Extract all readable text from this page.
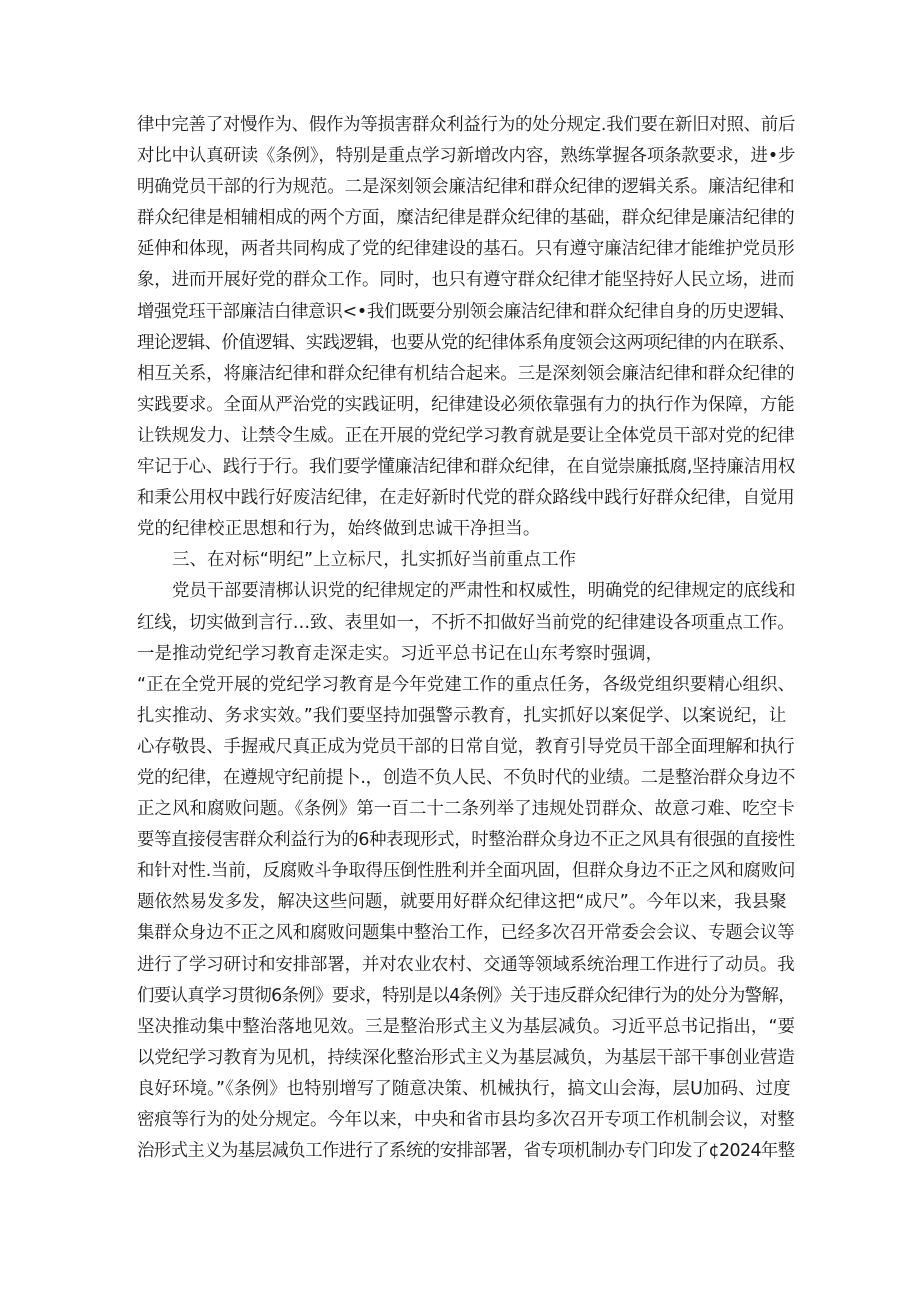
律中完善了对慢作为、假作为等损害群众利益行为的处分规定.我们要在新旧对照、前后
对比中认真研读《条例》，特别是重点学习新增改内容，熟练掌握各项条款要求，进•步
明确党员干部的行为规范。二是深刻领会廉洁纪律和群众纪律的逻辑关系。廉洁纪律和
群众纪律是相辅相成的两个方面，糜洁纪律是群众纪律的基础，群众纪律是廉洁纪律的
延伸和体现，两者共同构成了党的纪律建设的基石。只有遵守廉洁纪律才能维护党员形
象，进而开展好党的群众工作。同时，也只有遵守群众纪律才能坚持好人民立场，进而
增强党珏干部廉洁白律意识<•我们既要分别领会廉洁纪律和群众纪律自身的历史逻辑、
理论逻辑、价值逻辑、实践逻辑，也要从党的纪律体系角度领会这两项纪律的内在联系、
相互关系，将廉洁纪律和群众纪律有机结合起来。三是深刻领会廉洁纪律和群众纪律的
实践要求。全面从严治党的实践证明，纪律建设必须依靠强有力的执行作为保障，方能
让铁规发力、让禁令生威。正在开展的党纪学习教育就是要让全体党员干部对党的纪律
牢记于心、践行于行。我们要学懂廉洁纪律和群众纪律，在自觉崇廉抵腐,坚持廉洁用权
和秉公用权中践行好废洁纪律，在走好新时代党的群众路线中践行好群众纪律，自觉用
党的纪律校正思想和行为，始终做到忠诚干净担当。
三、在对标“明纪”上立标尺，扎实抓好当前重点工作
党员干部要清梆认识党的纪律规定的严肃性和权威性，明确党的纪律规定的底线和
红线，切实做到言行…致、表里如一，不折不扣做好当前党的纪律建设各项重点工作。
一是推动党纪学习教育走深走实。习近平总书记在山东考察时强调，
“正在全党开展的党纪学习教育是今年党建工作的重点任务，各级党组织要精心组织、
扎实推动、务求实效。”我们要坚持加强警示教育，扎实抓好以案促学、以案说纪，让
心存敬畏、手握戒尺真正成为党员干部的日常自觉，教育引导党员干部全面理解和执行
党的纪律，在遵规守纪前提卜.，创造不负人民、不负时代的业绩。二是整治群众身边不
正之风和腐败问题。《条例》第一百二十二条列举了违规处罚群众、故意刁难、吃空卡
要等直接侵害群众利益行为的6种表现形式，时整治群众身边不正之风具有很强的直接性
和针对性.当前，反腐败斗争取得压倒性胜利并全面巩固，但群众身边不正之风和腐败问
题依然易发多发，解决这些问题，就要用好群众纪律这把“成尺”。今年以来，我县聚
集群众身边不正之风和腐败问题集中整治工作，已经多次召开常委会会议、专题会议等
进行了学习研讨和安排部署，并对农业农村、交通等领域系统治理工作进行了动员。我
们要认真学习贯彻6条例》要求，特别是以4条例》关于违反群众纪律行为的处分为警解，
坚决推动集中整治落地见效。三是整治形式主义为基层减负。习近平总书记指出，“要
以党纪学习教育为见机，持续深化整治形式主义为基层减负，为基层干部干事创业营造
良好环境。”《条例》也特别增写了随意决策、机械执行，搞文山会海，层U加码、过度
密痕等行为的处分规定。今年以来，中央和省市县均多次召开专项工作机制会议，对整
治形式主义为基层减负工作进行了系统的安排部署，省专项机制办专门印发了¢2024年整
